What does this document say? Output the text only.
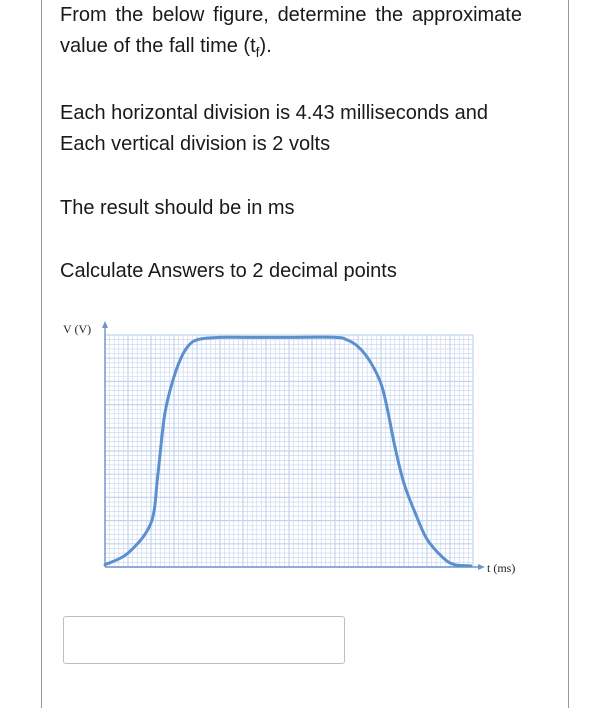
From the below figure, determine the approximate value of the fall time $(t_f)$.

Each horizontal division is 4.43 milliseconds and
Each vertical division is 2 volts

The result should be in ms

Calculate Answers to 2 decimal points

V (V)
t (ms)
